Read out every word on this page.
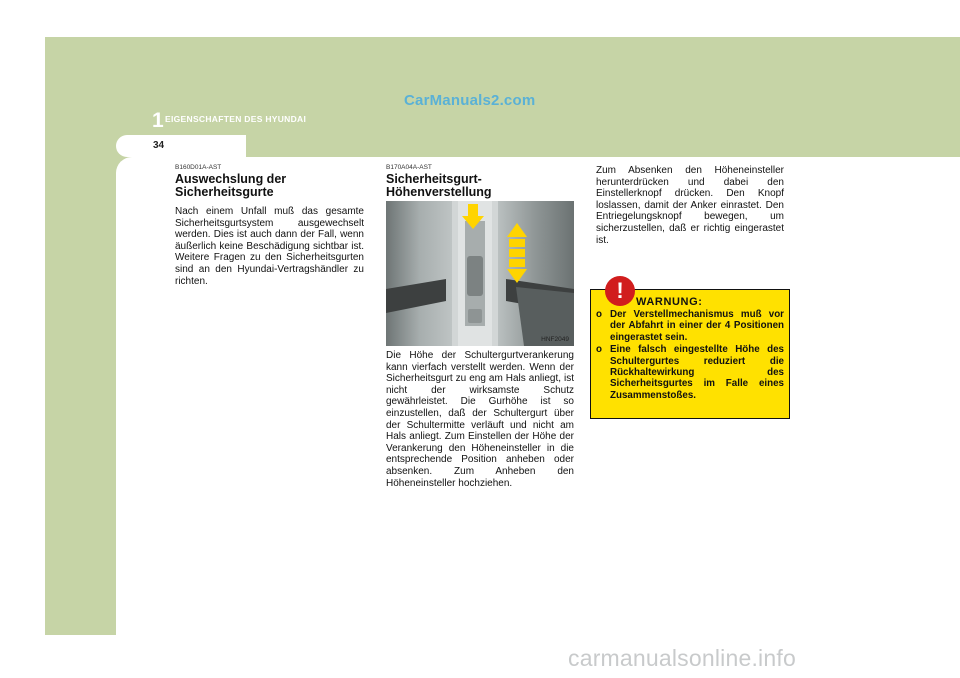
CarManuals2.com
1 EIGENSCHAFTEN DES HYUNDAI
34
B160D01A-AST
Auswechslung der Sicherheitsgurte

Nach einem Unfall muß das gesamte Sicherheitsgurtsystem ausgewechselt werden. Dies ist auch dann der Fall, wenn äußerlich keine Beschädigung sichtbar ist. Weitere Fragen zu den Sicherheitsgurten sind an den Hyundai-Vertragshändler zu richten.

B170A04A-AST
Sicherheitsgurt-Höhenverstellung
HNF2049

Die Höhe der Schultergurtverankerung kann vierfach verstellt werden. Wenn der Sicherheitsgurt zu eng am Hals anliegt, ist nicht der wirksamste Schutz gewährleistet. Die Gurhöhe ist so einzustellen, daß der Schultergurt über der Schultermitte verläuft und nicht am Hals anliegt. Zum Einstellen der Höhe der Verankerung den Höheneinsteller in die entsprechende Position anheben oder absenken. Zum Anheben den Höheneinsteller hochziehen.

Zum Absenken den Höheneinsteller herunterdrücken und dabei den Einstellerknopf drücken. Den Knopf loslassen, damit der Anker einrastet. Den Entriegelungsknopf bewegen, um sicherzustellen, daß er richtig eingerastet ist.

!	WARNUNG:
o Der Verstellmechanismus muß vor der Abfahrt in einer der 4 Positionen eingerastet sein.
o Eine falsch eingestellte Höhe des Schultergurtes reduziert die Rückhaltewirkung des Sicherheitsgurtes im Falle eines Zusammenstoßes.
carmanualsonline.info
